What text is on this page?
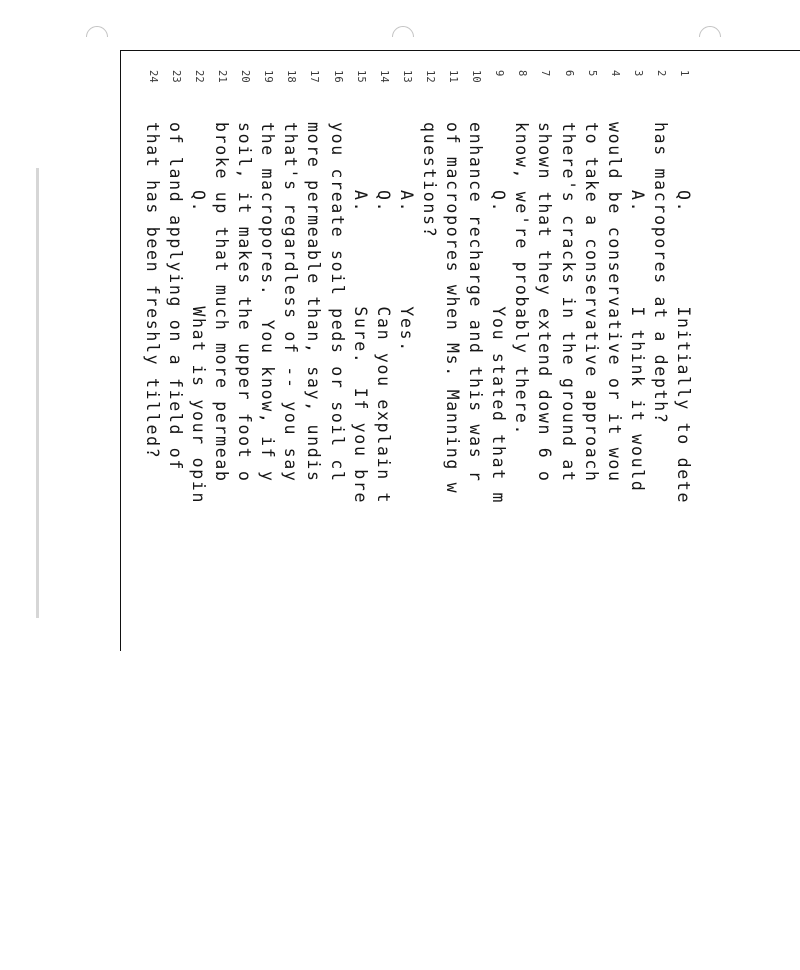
1
Q.        Initially to dete
2
has macropores at a depth?
3
A.        I think it would
4
would be conservative or it wou
5
to take a conservative approach
6
there's cracks in the ground at
7
shown that they extend down 6 o
8
know, we're probably there.
9
Q.        You stated that m
10
enhance recharge and this was r
11
of macropores when Ms. Manning w
12
questions?
13
A.        Yes.
14
Q.        Can you explain t
15
A.        Sure.  If you bre
16
you create soil peds or soil cl
17
more permeable than, say, undis
18
that's regardless of -- you say
19
the macropores.  You know, if y
20
soil, it makes the upper foot o
21
broke up that much more permeab
22
Q.        What is your opin
23
of land applying on a field of
24
that has been freshly tilled?
